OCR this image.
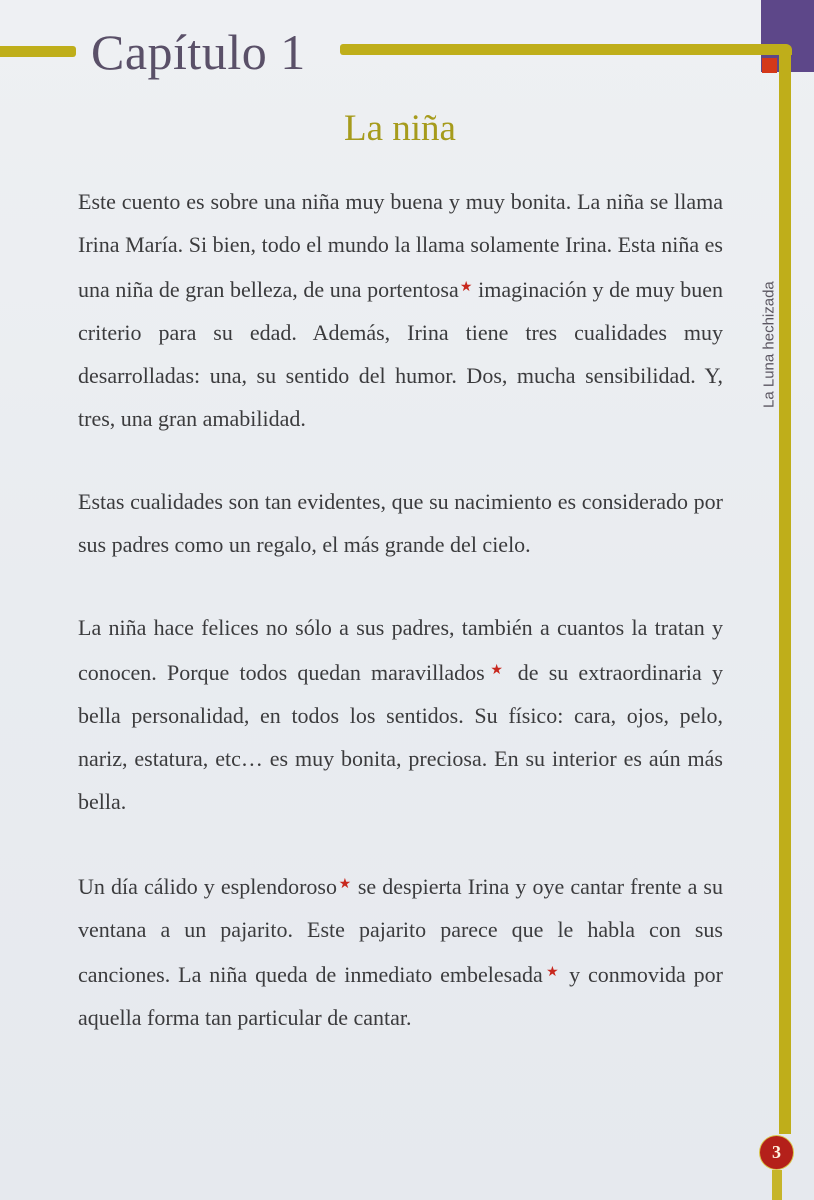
La Luna hechizada
Capítulo 1
La niña

Este cuento es sobre una niña muy buena y muy bonita. La niña se llama Irina María. Si bien, todo el mundo la llama solamente Irina. Esta niña es una niña de gran belleza, de una portentosa★ imaginación y de muy buen criterio para su edad. Además, Irina tiene tres cualidades muy desarrolladas: una, su sentido del humor. Dos, mucha sensibilidad. Y, tres, una gran amabilidad.

Estas cualidades son tan evidentes, que su nacimiento es considerado por sus padres como un regalo, el más grande del cielo.

La niña hace felices no sólo a sus padres, también a cuantos la tratan y conocen. Porque todos quedan maravillados★ de su extraordinaria y bella personalidad, en todos los sentidos. Su físico: cara, ojos, pelo, nariz, estatura, etc… es muy bonita, preciosa. En su interior es aún más bella.

Un día cálido y esplendoroso★ se despierta Irina y oye cantar frente a su ventana a un pajarito. Este pajarito parece que le habla con sus canciones. La niña queda de inmediato embelesada★ y conmovida por aquella forma tan particular de cantar.

3
